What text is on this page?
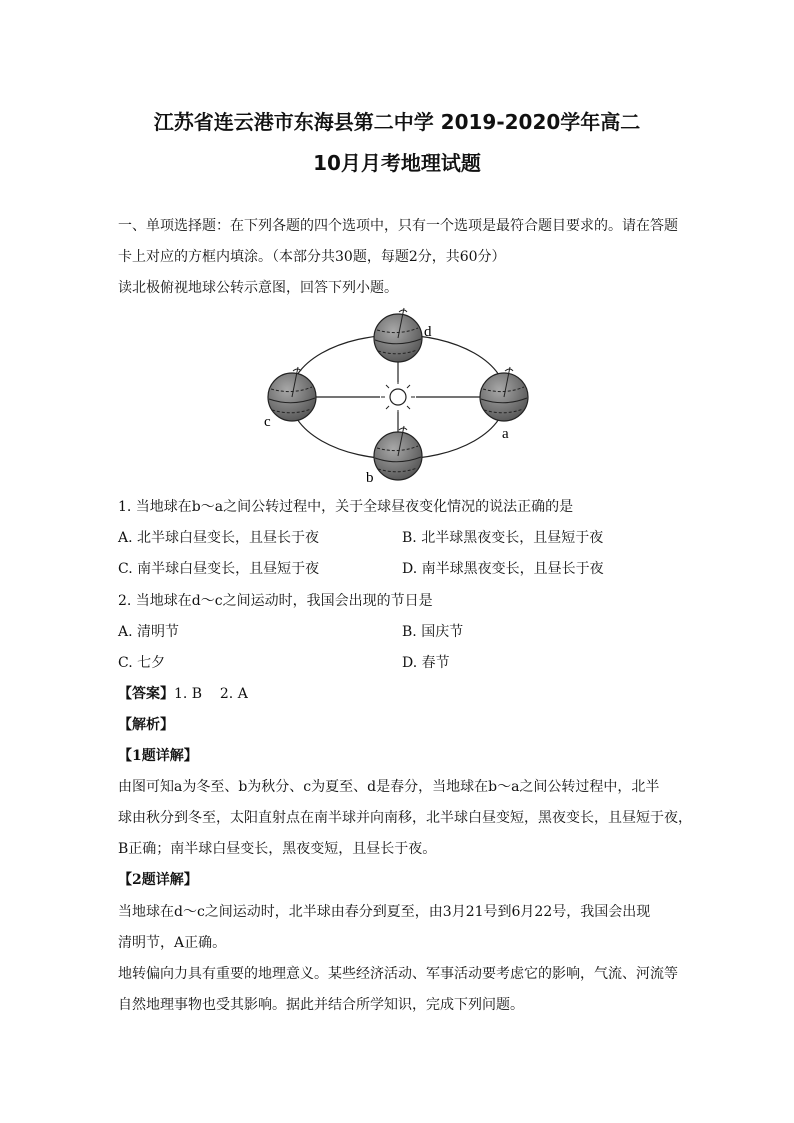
江苏省连云港市东海县第二中学 2019-2020学年高二
10月月考地理试题
一、单项选择题：在下列各题的四个选项中，只有一个选项是最符合题目要求的。请在答题
卡上对应的方框内填涂。（本部分共30题，每题2分，共60分）
读北极俯视地球公转示意图，回答下列小题。
d
a
c
b
1. 当地球在b～a之间公转过程中，关于全球昼夜变化情况的说法正确的是
A. 北半球白昼变长，且昼长于夜	B. 北半球黑夜变长，且昼短于夜
C. 南半球白昼变长，且昼短于夜	D. 南半球黑夜变长，且昼长于夜
2. 当地球在d～c之间运动时，我国会出现的节日是
A. 清明节	B. 国庆节
C. 七夕	D. 春节
【答案】1. B    2. A
【解析】
【1题详解】
由图可知a为冬至、b为秋分、c为夏至、d是春分，当地球在b～a之间公转过程中，北半
球由秋分到冬至，太阳直射点在南半球并向南移，北半球白昼变短，黑夜变长，且昼短于夜，
B正确；南半球白昼变长，黑夜变短，且昼长于夜。
【2题详解】
当地球在d～c之间运动时，北半球由春分到夏至，由3月21号到6月22号，我国会出现
清明节，A正确。
地转偏向力具有重要的地理意义。某些经济活动、军事活动要考虑它的影响，气流、河流等
自然地理事物也受其影响。据此并结合所学知识，完成下列问题。
